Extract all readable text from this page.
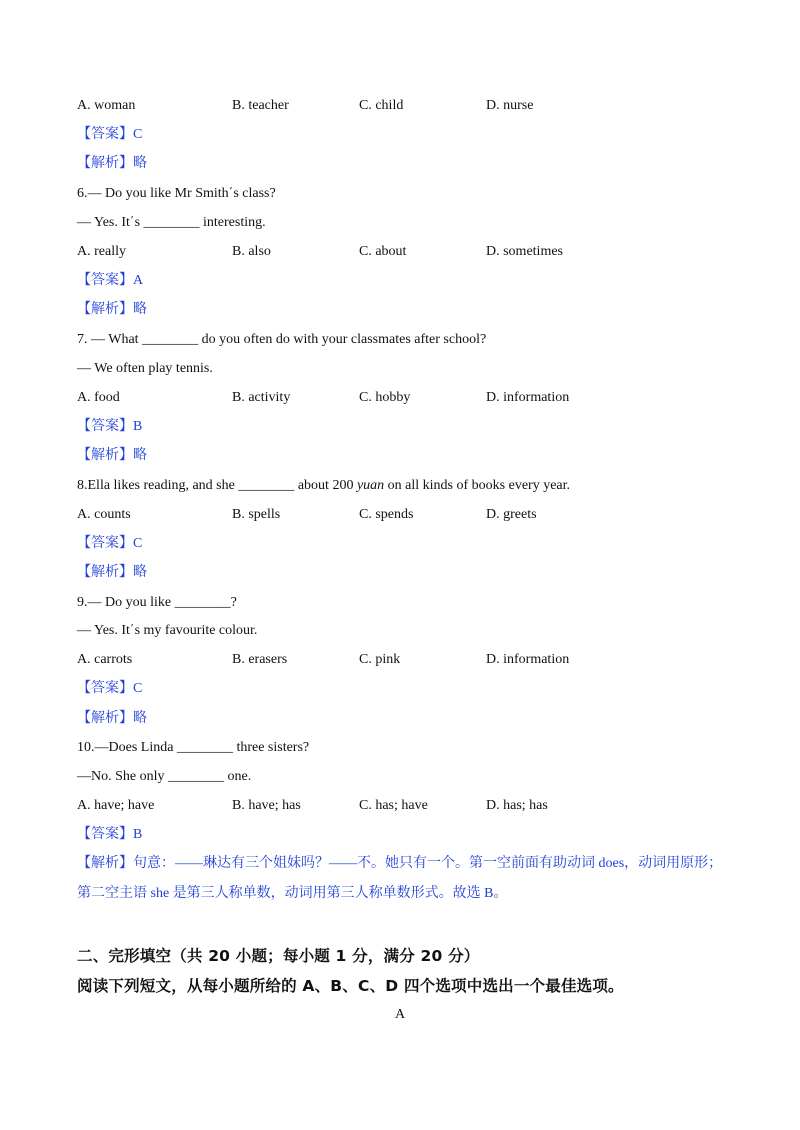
A. woman	B. teacher	C. child	D. nurse
【答案】C
【解析】略
6.— Do you like Mr Smith΄s class?
— Yes. It΄s ________ interesting.
A. really	B. also	C. about	D. sometimes
【答案】A
【解析】略
7. — What ________ do you often do with your classmates after school?
— We often play tennis.
A. food	B. activity	C. hobby	D. information
【答案】B
【解析】略
8.Ella likes reading, and she ________ about 200 yuan on all kinds of books every year.
A. counts	B. spells	C. spends	D. greets
【答案】C
【解析】略
9.— Do you like ________?
— Yes. It΄s my favourite colour.
A. carrots	B. erasers	C. pink	D. information
【答案】C
【解析】略
10.—Does Linda ________ three sisters?
—No. She only ________ one.
A. have; have	B. have; has	C. has; have	D. has; has
【答案】B
【解析】句意：——琳达有三个姐妹吗？——不。她只有一个。第一空前面有助动词 does，动词用原形；
第二空主语 she 是第三人称单数，动词用第三人称单数形式。故选 B。
二、完形填空（共 20 小题；每小题 1 分，满分 20 分）
阅读下列短文，从每小题所给的 A、B、C、D 四个选项中选出一个最佳选项。
A
